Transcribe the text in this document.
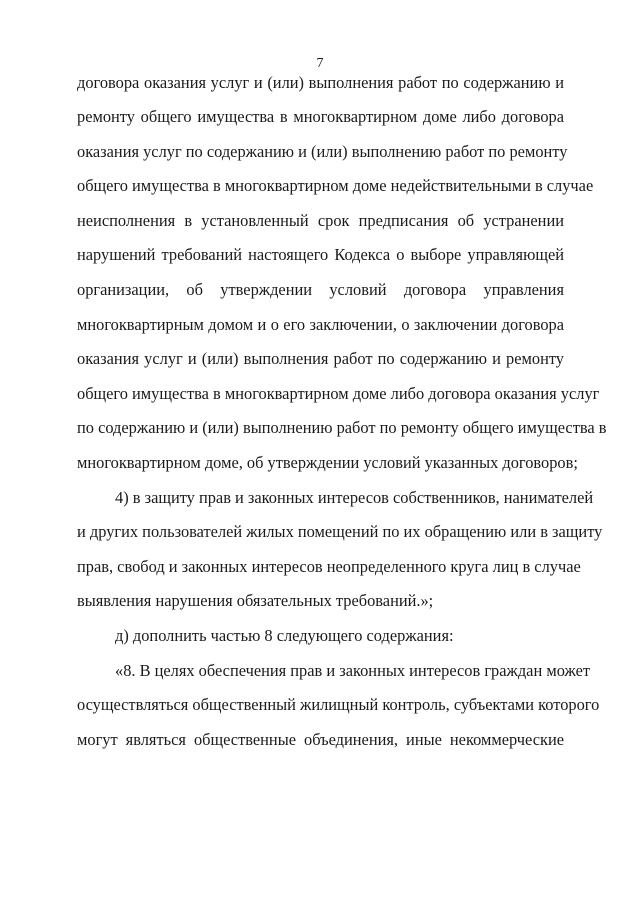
7
договора оказания услуг и (или) выполнения работ по содержанию и
ремонту общего имущества в многоквартирном доме либо договора
оказания услуг по содержанию и (или) выполнению работ по ремонту
общего имущества в многоквартирном доме недействительными в случае
неисполнения в установленный срок предписания об устранении
нарушений требований настоящего Кодекса о выборе управляющей
организации, об утверждении условий договора управления
многоквартирным домом и о его заключении, о заключении договора
оказания услуг и (или) выполнения работ по содержанию и ремонту
общего имущества в многоквартирном доме либо договора оказания услуг
по содержанию и (или) выполнению работ по ремонту общего имущества в
многоквартирном доме, об утверждении условий указанных договоров;
4) в защиту прав и законных интересов собственников, нанимателей
и других пользователей жилых помещений по их обращению или в защиту
прав, свобод и законных интересов неопределенного круга лиц в случае
выявления нарушения обязательных требований.»;
д) дополнить частью 8 следующего содержания:
«8. В целях обеспечения прав и законных интересов граждан может
осуществляться общественный жилищный контроль, субъектами которого
могут являться общественные объединения, иные некоммерческие
